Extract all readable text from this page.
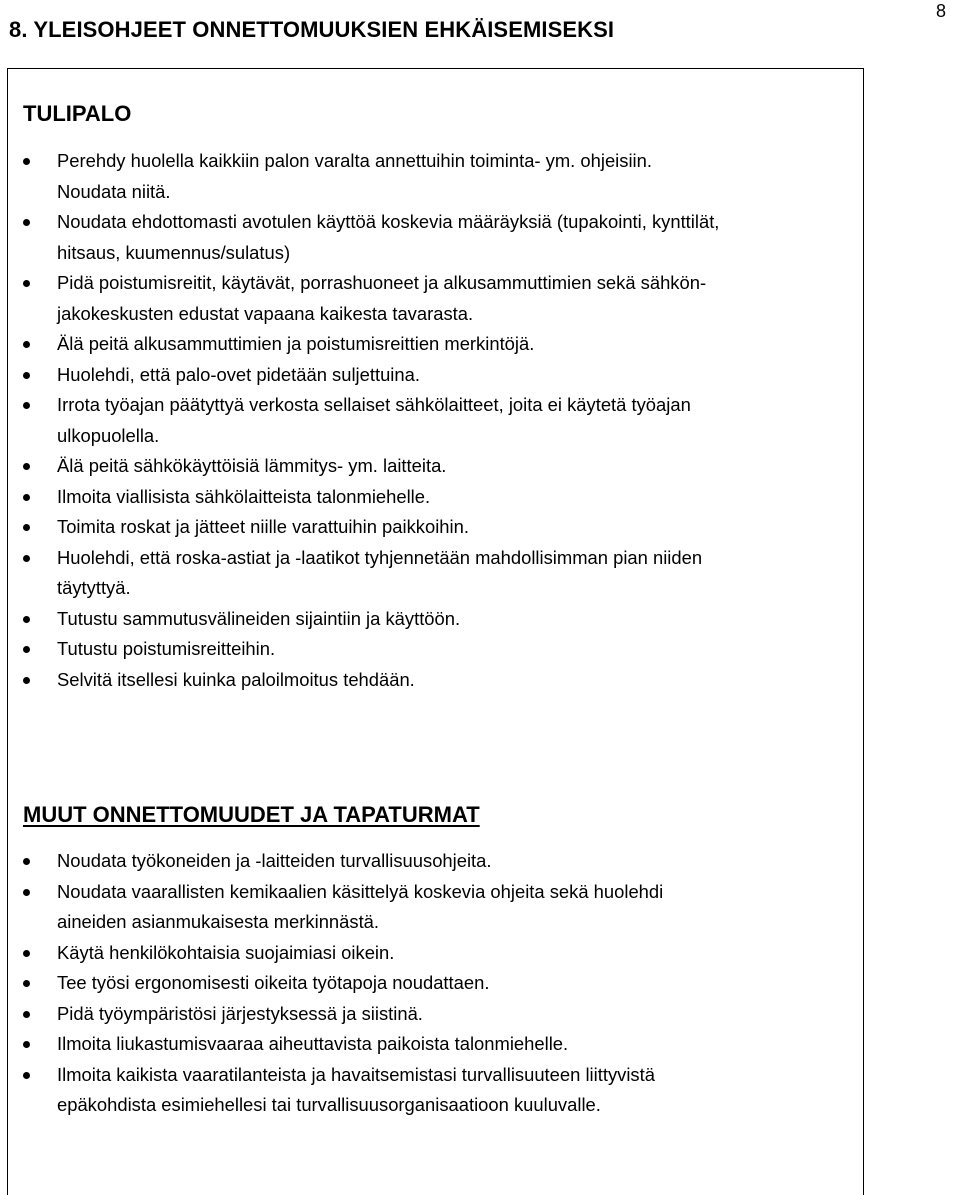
8. YLEISOHJEET ONNETTOMUUKSIEN EHKÄISEMISEKSI
8
TULIPALO
Perehdy huolella kaikkiin palon varalta annettuihin toiminta- ym. ohjeisiin.
Noudata niitä.
Noudata ehdottomasti avotulen käyttöä koskevia määräyksiä (tupakointi, kynttilät,
hitsaus, kuumennus/sulatus)
Pidä poistumisreitit, käytävät, porrashuoneet ja alkusammuttimien sekä sähkön-
jakokeskusten edustat vapaana kaikesta tavarasta.
Älä peitä alkusammuttimien ja poistumisreittien merkintöjä.
Huolehdi, että palo-ovet pidetään suljettuina.
Irrota työajan päätyttyä verkosta sellaiset sähkölaitteet, joita ei käytetä työajan
ulkopuolella.
Älä peitä sähkökäyttöisiä lämmitys- ym. laitteita.
Ilmoita viallisista sähkölaitteista talonmiehelle.
Toimita roskat ja jätteet niille varattuihin paikkoihin.
Huolehdi, että roska-astiat ja -laatikot tyhjennetään mahdollisimman pian niiden
täytyttyä.
Tutustu sammutusvälineiden sijaintiin ja käyttöön.
Tutustu poistumisreitteihin.
Selvitä itsellesi kuinka paloilmoitus tehdään.
MUUT ONNETTOMUUDET JA TAPATURMAT
Noudata työkoneiden ja -laitteiden turvallisuusohjeita.
Noudata vaarallisten kemikaalien käsittelyä koskevia ohjeita sekä huolehdi
aineiden asianmukaisesta merkinnästä.
Käytä henkilökohtaisia suojaimiasi oikein.
Tee työsi ergonomisesti oikeita työtapoja noudattaen.
Pidä työympäristösi järjestyksessä ja siistinä.
Ilmoita liukastumisvaaraa aiheuttavista paikoista talonmiehelle.
Ilmoita kaikista vaaratilanteista ja havaitsemistasi turvallisuuteen liittyvistä
epäkohdista esimiehellesi tai turvallisuusorganisaatioon kuuluvalle.
